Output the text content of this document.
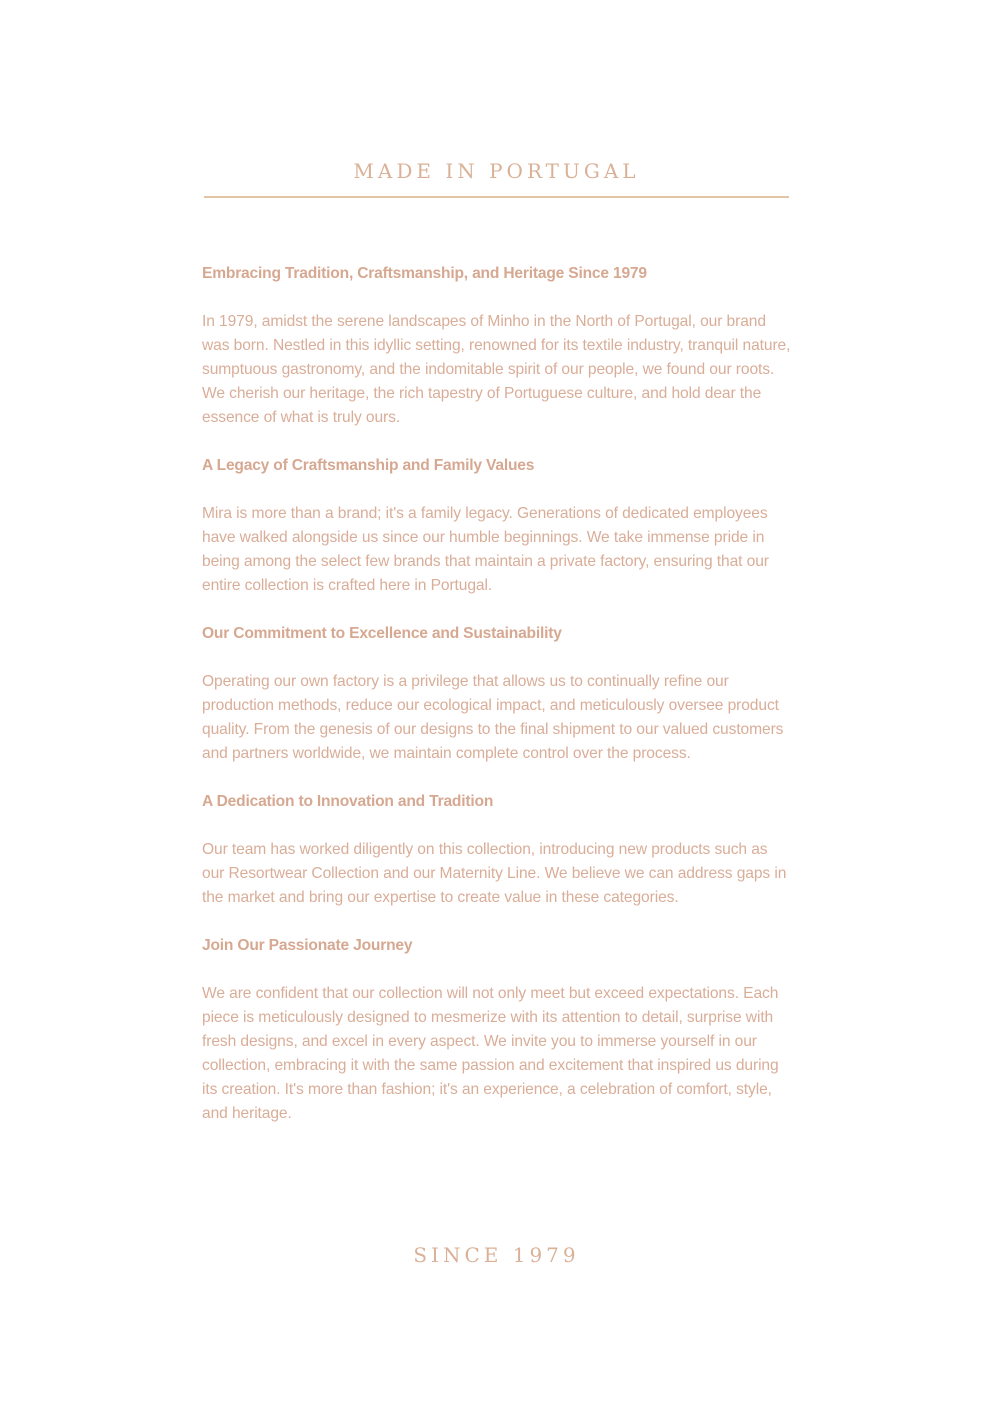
MADE IN PORTUGAL
Embracing Tradition, Craftsmanship, and Heritage Since 1979
In 1979, amidst the serene landscapes of Minho in the North of Portugal, our brand was born. Nestled in this idyllic setting, renowned for its textile industry, tranquil nature, sumptuous gastronomy, and the indomitable spirit of our people, we found our roots. We cherish our heritage, the rich tapestry of Portuguese culture, and hold dear the essence of what is truly ours.
A Legacy of Craftsmanship and Family Values
Mira is more than a brand; it's a family legacy. Generations of dedicated employees have walked alongside us since our humble beginnings. We take immense pride in being among the select few brands that maintain a private factory, ensuring that our entire collection is crafted here in Portugal.
Our Commitment to Excellence and Sustainability
Operating our own factory is a privilege that allows us to continually refine our production methods, reduce our ecological impact, and meticulously oversee product quality. From the genesis of our designs to the final shipment to our valued customers and partners worldwide, we maintain complete control over the process.
A Dedication to Innovation and Tradition
Our team has worked diligently on this collection, introducing new products such as our Resortwear Collection and our Maternity Line. We believe we can address gaps in the market and bring our expertise to create value in these categories.
Join Our Passionate Journey
We are confident that our collection will not only meet but exceed expectations. Each piece is meticulously designed to mesmerize with its attention to detail, surprise with fresh designs, and excel in every aspect. We invite you to immerse yourself in our collection, embracing it with the same passion and excitement that inspired us during its creation. It's more than fashion; it's an experience, a celebration of comfort, style, and heritage.
SINCE 1979
